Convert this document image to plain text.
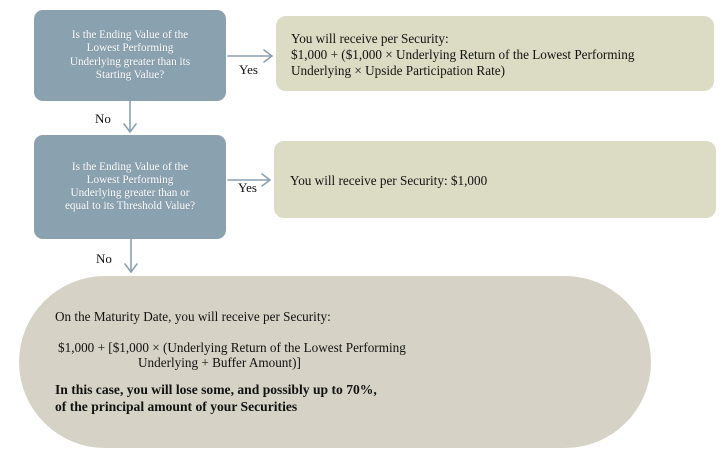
Is the Ending Value of the
Lowest Performing
Underlying greater than its
Starting Value?
You will receive per Security:
$1,000 + ($1,000 × Underlying Return of the Lowest Performing
Underlying × Upside Participation Rate)
Yes
No
Is the Ending Value of the
Lowest Performing
Underlying greater than or
equal to its Threshold Value?
You will receive per Security: $1,000
Yes
No
On the Maturity Date, you will receive per Security:
$1,000 + [$1,000 × (Underlying Return of the Lowest Performing
Underlying + Buffer Amount)]
In this case, you will lose some, and possibly up to 70%,
of the principal amount of your Securities
